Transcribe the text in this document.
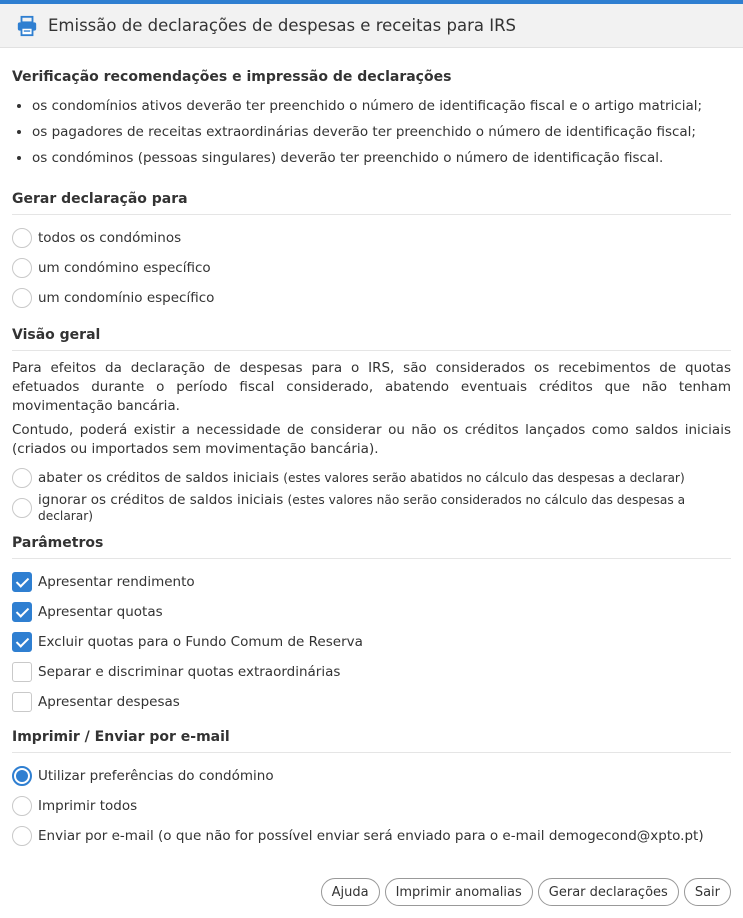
Emissão de declarações de despesas e receitas para IRS
Verificação recomendações e impressão de declarações
• os condomínios ativos deverão ter preenchido o número de identificação fiscal e o artigo matricial;
• os pagadores de receitas extraordinárias deverão ter preenchido o número de identificação fiscal;
• os condóminos (pessoas singulares) deverão ter preenchido o número de identificação fiscal.
Gerar declaração para
todos os condóminos
um condómino específico
um condomínio específico
Visão geral

Para efeitos da declaração de despesas para o IRS, são considerados os recebimentos de quotas efetuados durante o período fiscal considerado, abatendo eventuais créditos que não tenham movimentação bancária.

Contudo, poderá existir a necessidade de considerar ou não os créditos lançados como saldos iniciais (criados ou importados sem movimentação bancária).

abater os créditos de saldos iniciais (estes valores serão abatidos no cálculo das despesas a declarar)
ignorar os créditos de saldos iniciais (estes valores não serão considerados no cálculo das despesas a declarar)
Parâmetros
Apresentar rendimento
Apresentar quotas
Excluir quotas para o Fundo Comum de Reserva
Separar e discriminar quotas extraordinárias
Apresentar despesas
Imprimir / Enviar por e-mail
Utilizar preferências do condómino
Imprimir todos
Enviar por e-mail (o que não for possível enviar será enviado para o e-mail demogecond@xpto.pt)
Ajuda	Imprimir anomalias	Gerar declarações	Sair
